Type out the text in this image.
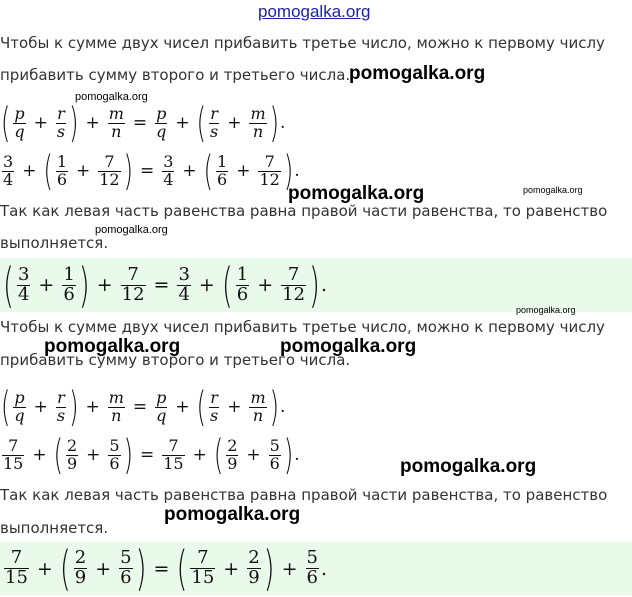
pomogalka.org
Чтобы к сумме двух чисел прибавить третье число, можно к первому числу
прибавить сумму второго и третьего числа.
( $\frac{p}{q} + \frac{r}{s}$ ) + $\frac{m}{n} = \frac{p}{q}$ + ( $\frac{r}{s} + \frac{m}{n}$ ) .
$\frac{3}{4}$ + ( $\frac{1}{6} + \frac{7}{12}$ ) = $\frac{3}{4}$ + ( $\frac{1}{6} + \frac{7}{12}$ ) .
Так как левая часть равенства равна правой части равенства, то равенство
выполняется.
( $\frac{3}{4} + \frac{1}{6}$ ) + $\frac{7}{12} = \frac{3}{4}$ + ( $\frac{1}{6} + \frac{7}{12}$ ) .
Чтобы к сумме двух чисел прибавить третье число, можно к первому числу
прибавить сумму второго и третьего числа.
( $\frac{p}{q} + \frac{r}{s}$ ) + $\frac{m}{n} = \frac{p}{q}$ + ( $\frac{r}{s} + \frac{m}{n}$ ) .
$\frac{7}{15}$ + ( $\frac{2}{9} + \frac{5}{6}$ ) = $\frac{7}{15}$ + ( $\frac{2}{9} + \frac{5}{6}$ ) .
Так как левая часть равенства равна правой части равенства, то равенство
выполняется.
$\frac{7}{15}$ + ( $\frac{2}{9} + \frac{5}{6}$ ) = ( $\frac{7}{15} + \frac{2}{9}$ ) + $\frac{5}{6}$ .
pomogalka.org
pomogalka.org
pomogalka.org	pomogalka.org
pomogalka.org
pomogalka.org
pomogalka.org	pomogalka.org
pomogalka.org
pomogalka.org
